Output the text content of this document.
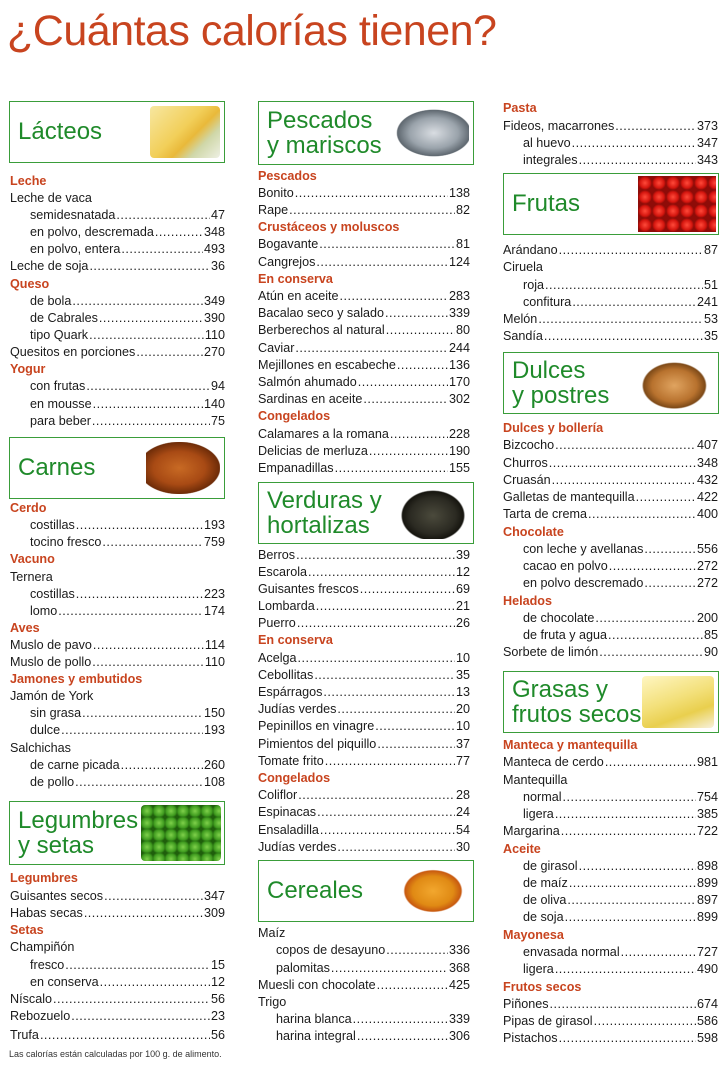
¿Cuántas calorías tienen?
Lácteos
Carnes
Legumbres
y setas
Pescados
y mariscos
Verduras y
hortalizas
Cereales
Frutas
Dulces
y postres
Grasas y
frutos secos
Leche
Leche de vaca
semidesnatada .....	47
en polvo, descremada .....	348
en polvo, entera .....	493
Leche de soja .....	36
Queso
de bola .....	349
de Cabrales .....	390
tipo Quark .....	110
Quesitos en porciones .....	270
Yogur
con frutas .....	94
en mousse .....	140
para beber .....	75
Cerdo
costillas .....	193
tocino fresco .....	759
Vacuno
Ternera
costillas .....	223
lomo .....	174
Aves
Muslo de pavo .....	114
Muslo de pollo .....	110
Jamones y embutidos
Jamón de York
sin grasa .....	150
dulce .....	193
Salchichas
de carne picada .....	260
de pollo .....	108
Legumbres
Guisantes secos .....	347
Habas secas .....	309
Setas
Champiñón
fresco .....	15
en conserva .....	12
Níscalo .....	56
Rebozuelo .....	23
Trufa .....	56
Pescados
Bonito .....	138
Rape .....	82
Crustáceos y moluscos
Bogavante .....	81
Cangrejos .....	124
En conserva
Atún en aceite .....	283
Bacalao seco y salado .....	339
Berberechos al natural .....	80
Caviar .....	244
Mejillones en escabeche .....	136
Salmón ahumado .....	170
Sardinas en aceite .....	302
Congelados
Calamares a la romana .....	228
Delicias de merluza .....	190
Empanadillas .....	155
Berros .....	39
Escarola .....	12
Guisantes frescos .....	69
Lombarda .....	21
Puerro .....	26
En conserva
Acelga .....	10
Cebollitas .....	35
Espárragos .....	13
Judías verdes .....	20
Pepinillos en vinagre .....	10
Pimientos del piquillo .....	37
Tomate frito .....	77
Congelados
Coliflor .....	28
Espinacas .....	24
Ensaladilla .....	54
Judías verdes .....	30
Maíz
copos de desayuno .....	336
palomitas .....	368
Muesli con chocolate .....	425
Trigo
harina blanca .....	339
harina integral .....	306
Pasta
Fideos, macarrones .....	373
al huevo .....	347
integrales .....	343
Arándano .....	87
Ciruela
roja .....	51
confitura .....	241
Melón .....	53
Sandía .....	35
Dulces y bollería
Bizcocho .....	407
Churros .....	348
Cruasán .....	432
Galletas de mantequilla .....	422
Tarta de crema .....	400
Chocolate
con leche y avellanas .....	556
cacao en polvo .....	272
en polvo descremado .....	272
Helados
de chocolate .....	200
de fruta y agua .....	85
Sorbete de limón .....	90
Manteca y mantequilla
Manteca de cerdo .....	981
Mantequilla
normal .....	754
ligera .....	385
Margarina .....	722
Aceite
de girasol .....	898
de maíz .....	899
de oliva .....	897
de soja .....	899
Mayonesa
envasada normal .....	727
ligera .....	490
Frutos secos
Piñones .....	674
Pipas de girasol .....	586
Pistachos .....	598
Las calorías están calculadas por 100 g. de alimento.
